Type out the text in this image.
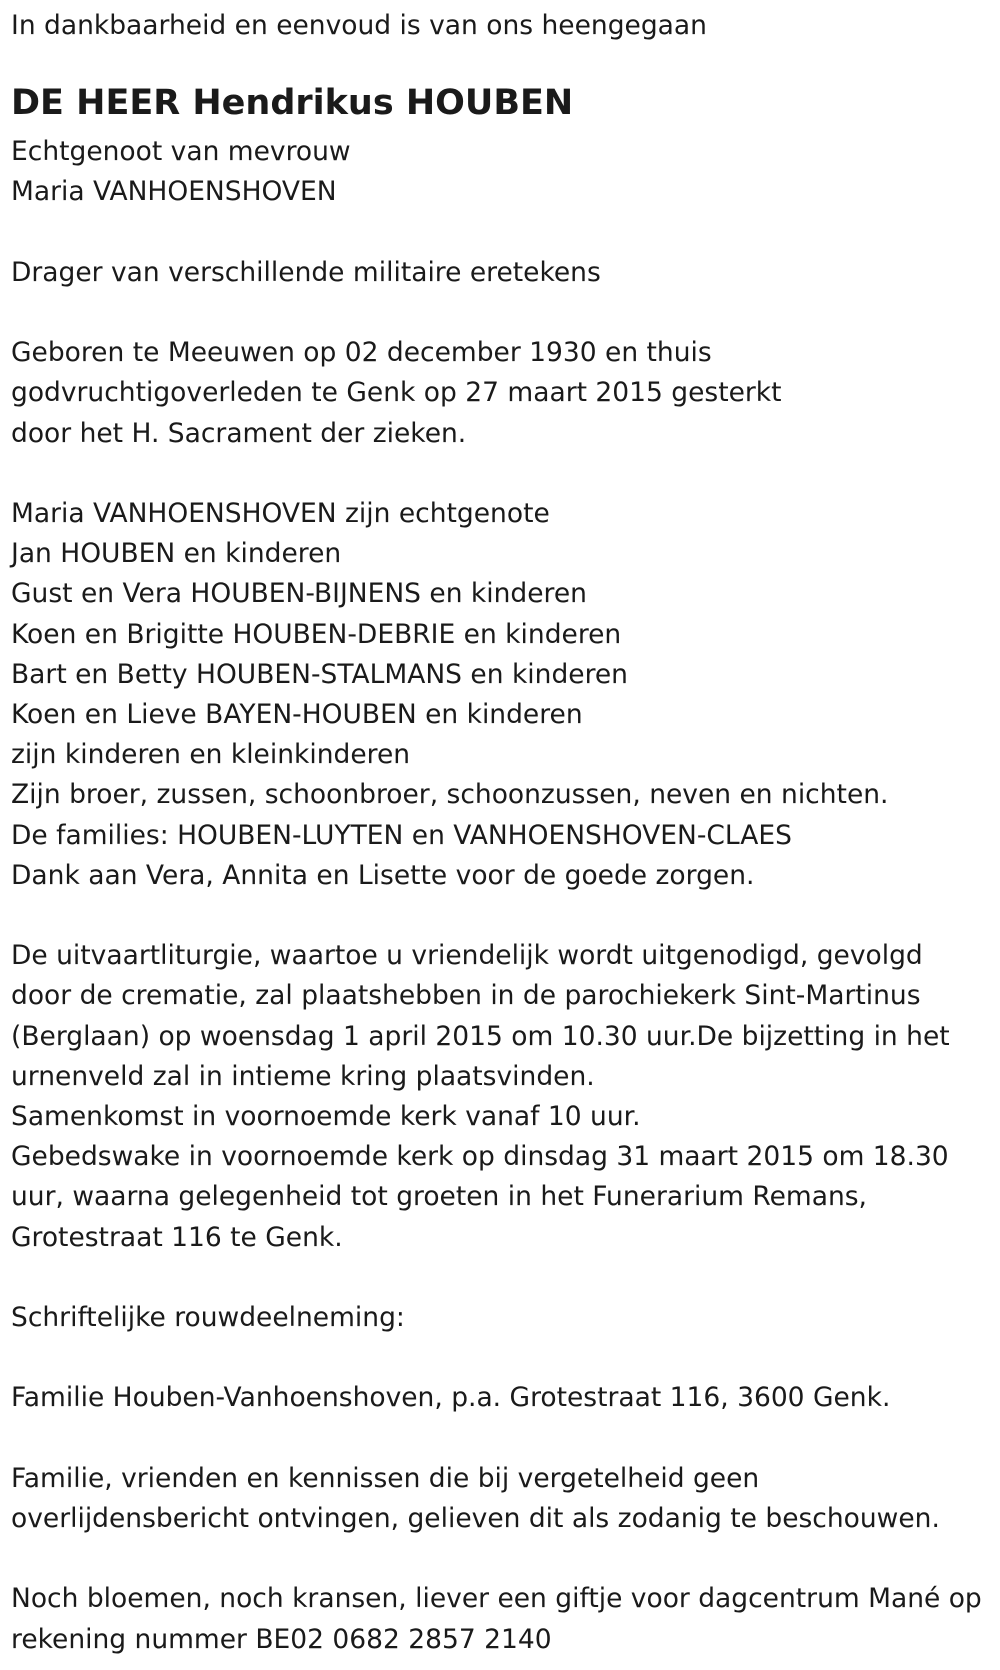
In dankbaarheid en eenvoud is van ons heengegaan
DE HEER Hendrikus HOUBEN
Echtgenoot van mevrouw
Maria VANHOENSHOVEN
Drager van verschillende militaire eretekens
Geboren te Meeuwen op 02 december 1930 en thuis
godvruchtigoverleden te Genk op 27 maart 2015 gesterkt
door het H. Sacrament der zieken.
Maria VANHOENSHOVEN zijn echtgenote
Jan HOUBEN en kinderen
Gust en Vera HOUBEN-BIJNENS en kinderen
Koen en Brigitte HOUBEN-DEBRIE en kinderen
Bart en Betty HOUBEN-STALMANS en kinderen
Koen en Lieve BAYEN-HOUBEN en kinderen
zijn kinderen en kleinkinderen
Zijn broer, zussen, schoonbroer, schoonzussen, neven en nichten.
De families: HOUBEN-LUYTEN en VANHOENSHOVEN-CLAES
Dank aan Vera, Annita en Lisette voor de goede zorgen.
De uitvaartliturgie, waartoe u vriendelijk wordt uitgenodigd, gevolgd
door de crematie, zal plaatshebben in de parochiekerk Sint-Martinus
(Berglaan) op woensdag 1 april 2015 om 10.30 uur.De bijzetting in het
urnenveld zal in intieme kring plaatsvinden.
Samenkomst in voornoemde kerk vanaf 10 uur.
Gebedswake in voornoemde kerk op dinsdag 31 maart 2015 om 18.30
uur, waarna gelegenheid tot groeten in het Funerarium Remans,
Grotestraat 116 te Genk.
Schriftelijke rouwdeelneming:
Familie Houben-Vanhoenshoven, p.a. Grotestraat 116, 3600 Genk.
Familie, vrienden en kennissen die bij vergetelheid geen
overlijdensbericht ontvingen, gelieven dit als zodanig te beschouwen.
Noch bloemen, noch kransen, liever een giftje voor dagcentrum Mané op
rekening nummer BE02 0682 2857 2140
